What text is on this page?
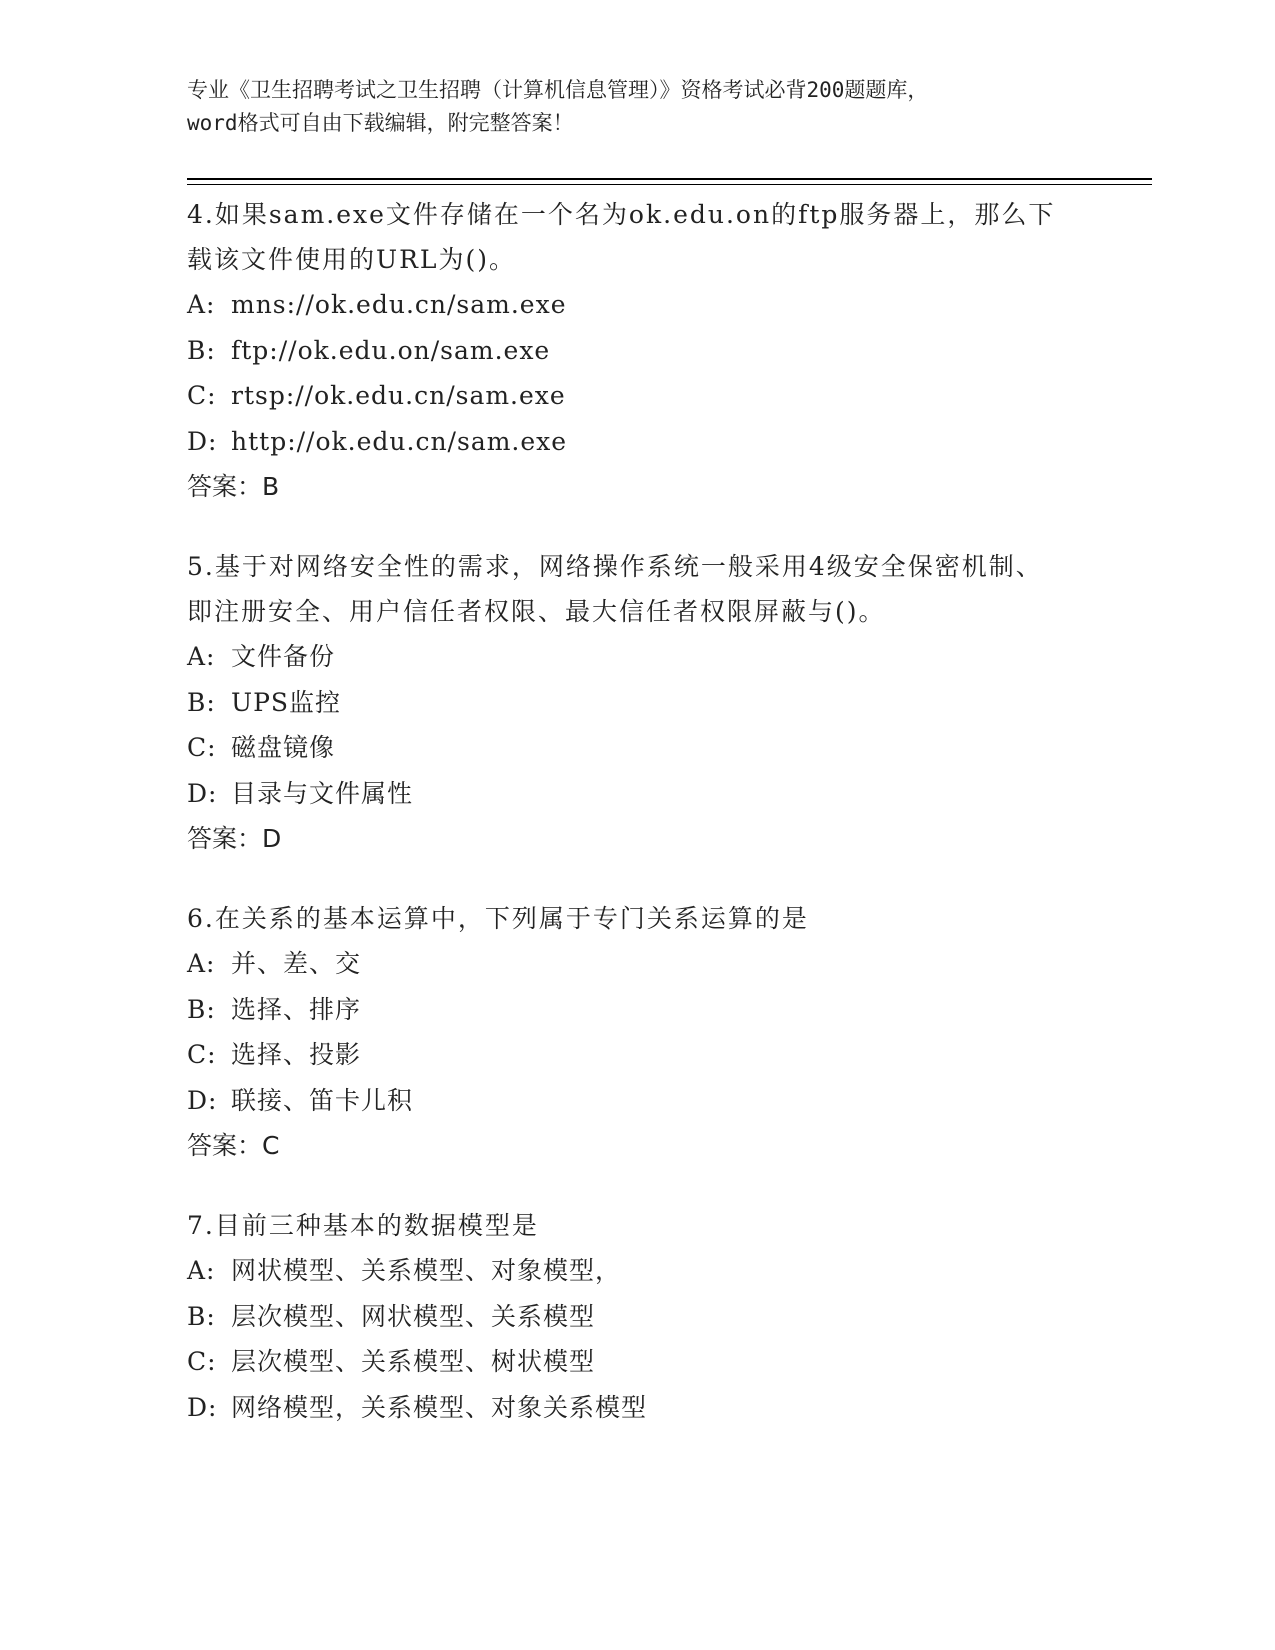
专业《卫生招聘考试之卫生招聘（计算机信息管理）》资格考试必背200题题库，
word格式可自由下载编辑，附完整答案！
4.如果sam.exe文件存储在一个名为ok.edu.on的ftp服务器上，那么下载该文件使用的URL为()。
A: mns://ok.edu.cn/sam.exe
B: ftp://ok.edu.on/sam.exe
C: rtsp://ok.edu.cn/sam.exe
D: http://ok.edu.cn/sam.exe
答案：B
5.基于对网络安全性的需求，网络操作系统一般采用4级安全保密机制、即注册安全、用户信任者权限、最大信任者权限屏蔽与()。
A: 文件备份
B: UPS监控
C: 磁盘镜像
D: 目录与文件属性
答案：D
6.在关系的基本运算中，下列属于专门关系运算的是
A: 并、差、交
B: 选择、排序
C: 选择、投影
D: 联接、笛卡儿积
答案：C
7.目前三种基本的数据模型是
A: 网状模型、关系模型、对象模型，
B: 层次模型、网状模型、关系模型
C: 层次模型、关系模型、树状模型
D: 网络模型，关系模型、对象关系模型
